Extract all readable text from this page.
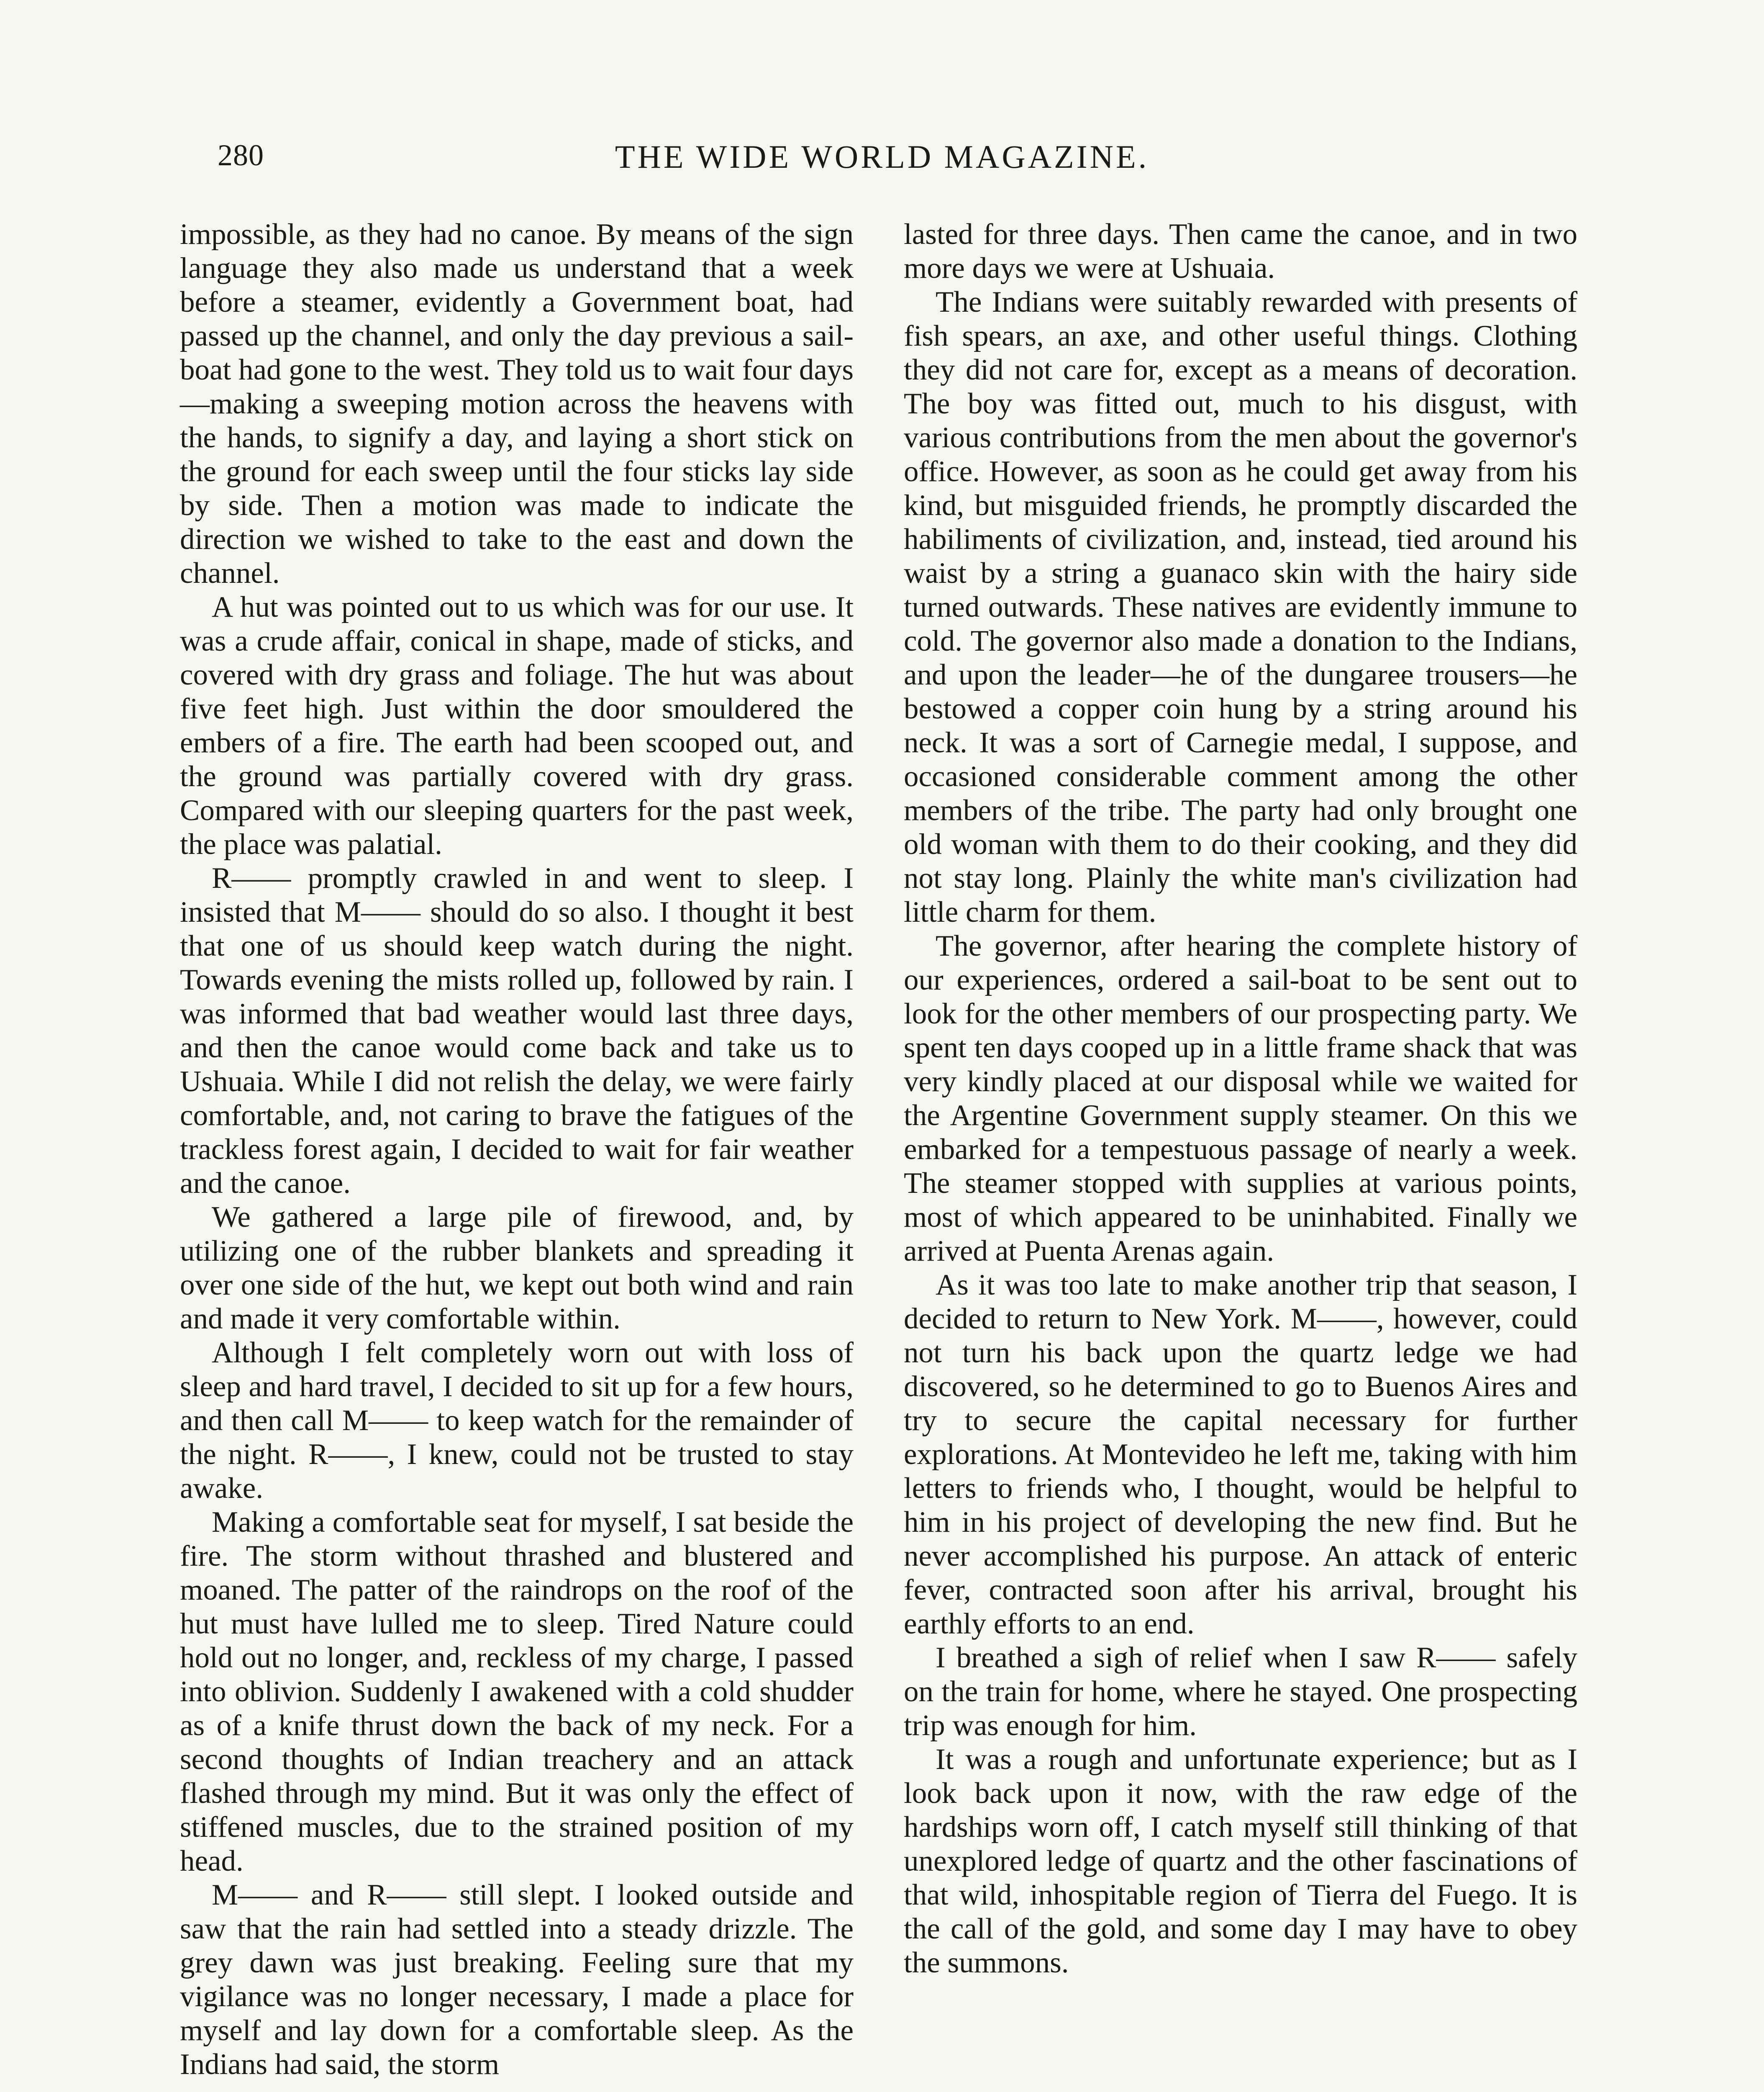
280	THE WIDE WORLD MAGAZINE.

impossible, as they had no canoe. By means of the sign language they also made us understand that a week before a steamer, evidently a Government boat, had passed up the channel, and only the day previous a sail-boat had gone to the west. They told us to wait four days—making a sweeping motion across the heavens with the hands, to signify a day, and laying a short stick on the ground for each sweep until the four sticks lay side by side. Then a motion was made to indicate the direction we wished to take to the east and down the channel.

A hut was pointed out to us which was for our use. It was a crude affair, conical in shape, made of sticks, and covered with dry grass and foliage. The hut was about five feet high. Just within the door smouldered the embers of a fire. The earth had been scooped out, and the ground was partially covered with dry grass. Compared with our sleeping quarters for the past week, the place was palatial.

R—— promptly crawled in and went to sleep. I insisted that M—— should do so also. I thought it best that one of us should keep watch during the night. Towards evening the mists rolled up, followed by rain. I was informed that bad weather would last three days, and then the canoe would come back and take us to Ushuaia. While I did not relish the delay, we were fairly comfortable, and, not caring to brave the fatigues of the trackless forest again, I decided to wait for fair weather and the canoe.

We gathered a large pile of firewood, and, by utilizing one of the rubber blankets and spreading it over one side of the hut, we kept out both wind and rain and made it very comfortable within.

Although I felt completely worn out with loss of sleep and hard travel, I decided to sit up for a few hours, and then call M—— to keep watch for the remainder of the night. R——, I knew, could not be trusted to stay awake.

Making a comfortable seat for myself, I sat beside the fire. The storm without thrashed and blustered and moaned. The patter of the raindrops on the roof of the hut must have lulled me to sleep. Tired Nature could hold out no longer, and, reckless of my charge, I passed into oblivion. Suddenly I awakened with a cold shudder as of a knife thrust down the back of my neck. For a second thoughts of Indian treachery and an attack flashed through my mind. But it was only the effect of stiffened muscles, due to the strained position of my head.

M—— and R—— still slept. I looked outside and saw that the rain had settled into a steady drizzle. The grey dawn was just breaking. Feeling sure that my vigilance was no longer necessary, I made a place for myself and lay down for a comfortable sleep. As the Indians had said, the storm

lasted for three days. Then came the canoe, and in two more days we were at Ushuaia.

The Indians were suitably rewarded with presents of fish spears, an axe, and other useful things. Clothing they did not care for, except as a means of decoration. The boy was fitted out, much to his disgust, with various contributions from the men about the governor's office. However, as soon as he could get away from his kind, but misguided friends, he promptly discarded the habiliments of civilization, and, instead, tied around his waist by a string a guanaco skin with the hairy side turned outwards. These natives are evidently immune to cold. The governor also made a donation to the Indians, and upon the leader—he of the dungaree trousers—he bestowed a copper coin hung by a string around his neck. It was a sort of Carnegie medal, I suppose, and occasioned considerable comment among the other members of the tribe. The party had only brought one old woman with them to do their cooking, and they did not stay long. Plainly the white man's civilization had little charm for them.

The governor, after hearing the complete history of our experiences, ordered a sail-boat to be sent out to look for the other members of our prospecting party. We spent ten days cooped up in a little frame shack that was very kindly placed at our disposal while we waited for the Argentine Government supply steamer. On this we embarked for a tempestuous passage of nearly a week. The steamer stopped with supplies at various points, most of which appeared to be uninhabited. Finally we arrived at Puenta Arenas again.

As it was too late to make another trip that season, I decided to return to New York. M——, however, could not turn his back upon the quartz ledge we had discovered, so he determined to go to Buenos Aires and try to secure the capital necessary for further explorations. At Montevideo he left me, taking with him letters to friends who, I thought, would be helpful to him in his project of developing the new find. But he never accomplished his purpose. An attack of enteric fever, contracted soon after his arrival, brought his earthly efforts to an end.

I breathed a sigh of relief when I saw R—— safely on the train for home, where he stayed. One prospecting trip was enough for him.

It was a rough and unfortunate experience; but as I look back upon it now, with the raw edge of the hardships worn off, I catch myself still thinking of that unexplored ledge of quartz and the other fascinations of that wild, inhospitable region of Tierra del Fuego. It is the call of the gold, and some day I may have to obey the summons.
